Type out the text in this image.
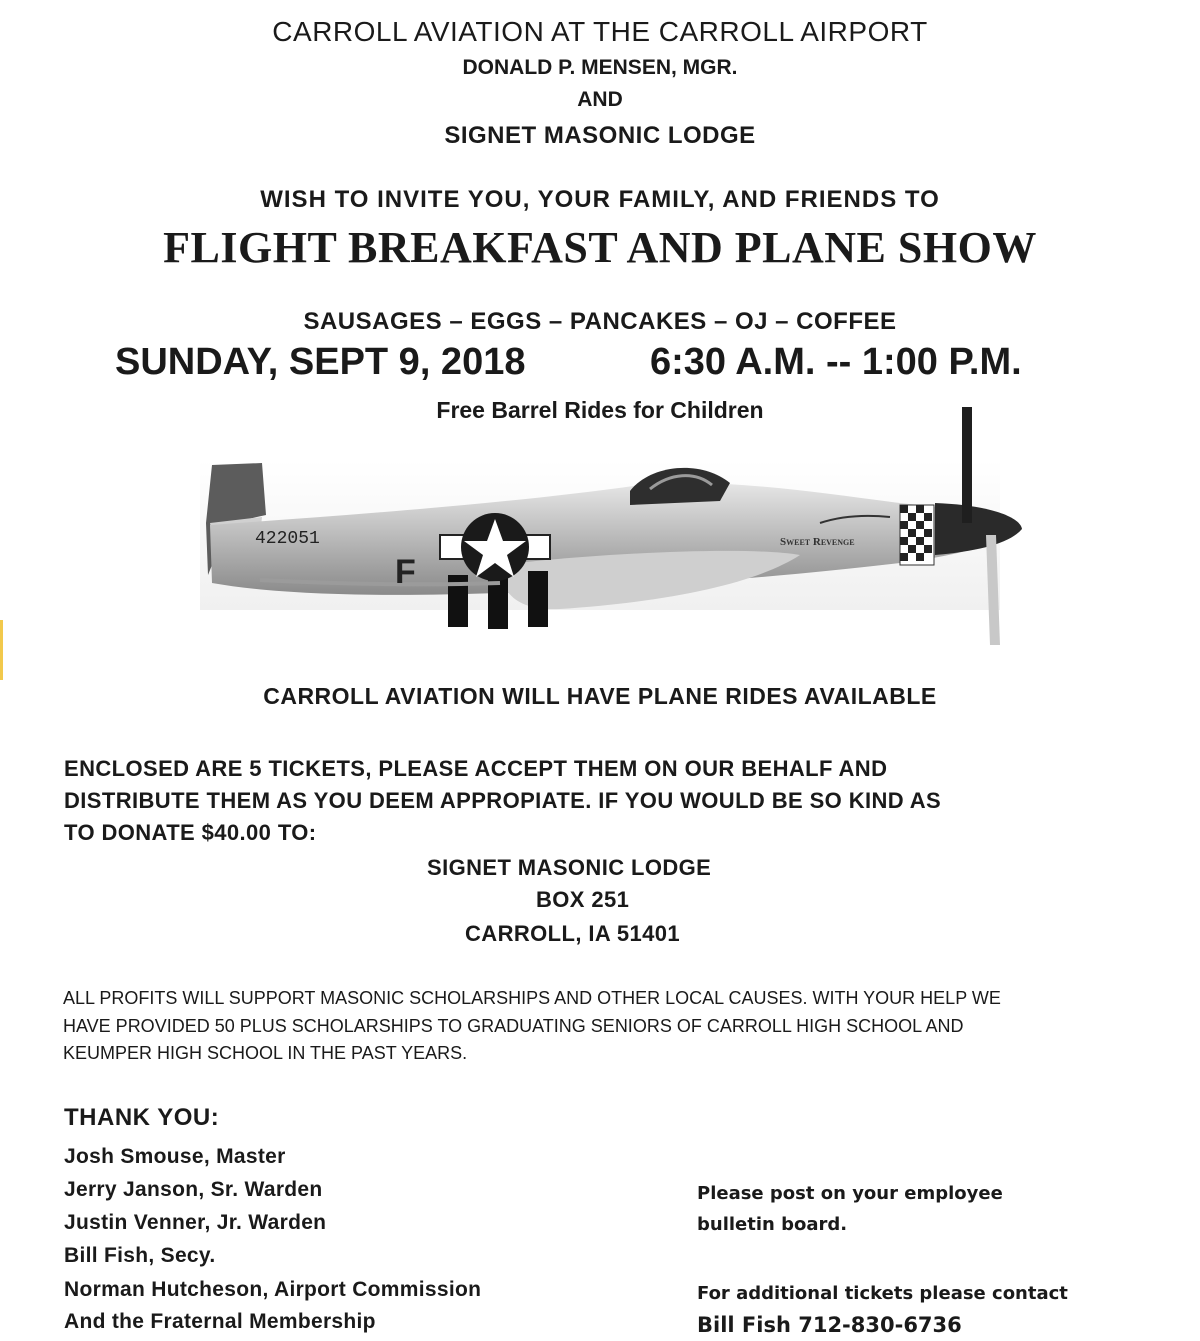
CARROLL AVIATION AT THE CARROLL AIRPORT
DONALD P. MENSEN, MGR.
AND
SIGNET MASONIC LODGE
WISH TO INVITE YOU, YOUR FAMILY, AND FRIENDS TO
FLIGHT BREAKFAST AND PLANE SHOW
SAUSAGES – EGGS – PANCAKES – OJ – COFFEE
SUNDAY, SEPT 9, 2018	6:30 A.M. -- 1:00 P.M.
Free Barrel Rides for Children
422051
F
Sweet Revenge
CARROLL AVIATION WILL HAVE PLANE RIDES AVAILABLE
ENCLOSED ARE 5 TICKETS, PLEASE ACCEPT THEM ON OUR BEHALF AND
DISTRIBUTE THEM AS YOU DEEM APPROPIATE. IF YOU WOULD BE SO KIND AS
TO DONATE $40.00 TO:
SIGNET MASONIC LODGE
BOX 251
CARROLL, IA 51401
ALL PROFITS WILL SUPPORT MASONIC SCHOLARSHIPS AND OTHER LOCAL CAUSES. WITH YOUR HELP WE
HAVE PROVIDED 50 PLUS SCHOLARSHIPS TO GRADUATING SENIORS OF CARROLL HIGH SCHOOL AND
KEUMPER HIGH SCHOOL IN THE PAST YEARS.
THANK YOU:
Josh Smouse, Master
Jerry Janson, Sr. Warden
Justin Venner, Jr. Warden
Bill Fish, Secy.
Norman Hutcheson, Airport Commission
And the Fraternal Membership
Please post on your employee
bulletin board.
For additional tickets please contact
Bill Fish 712-830-6736
